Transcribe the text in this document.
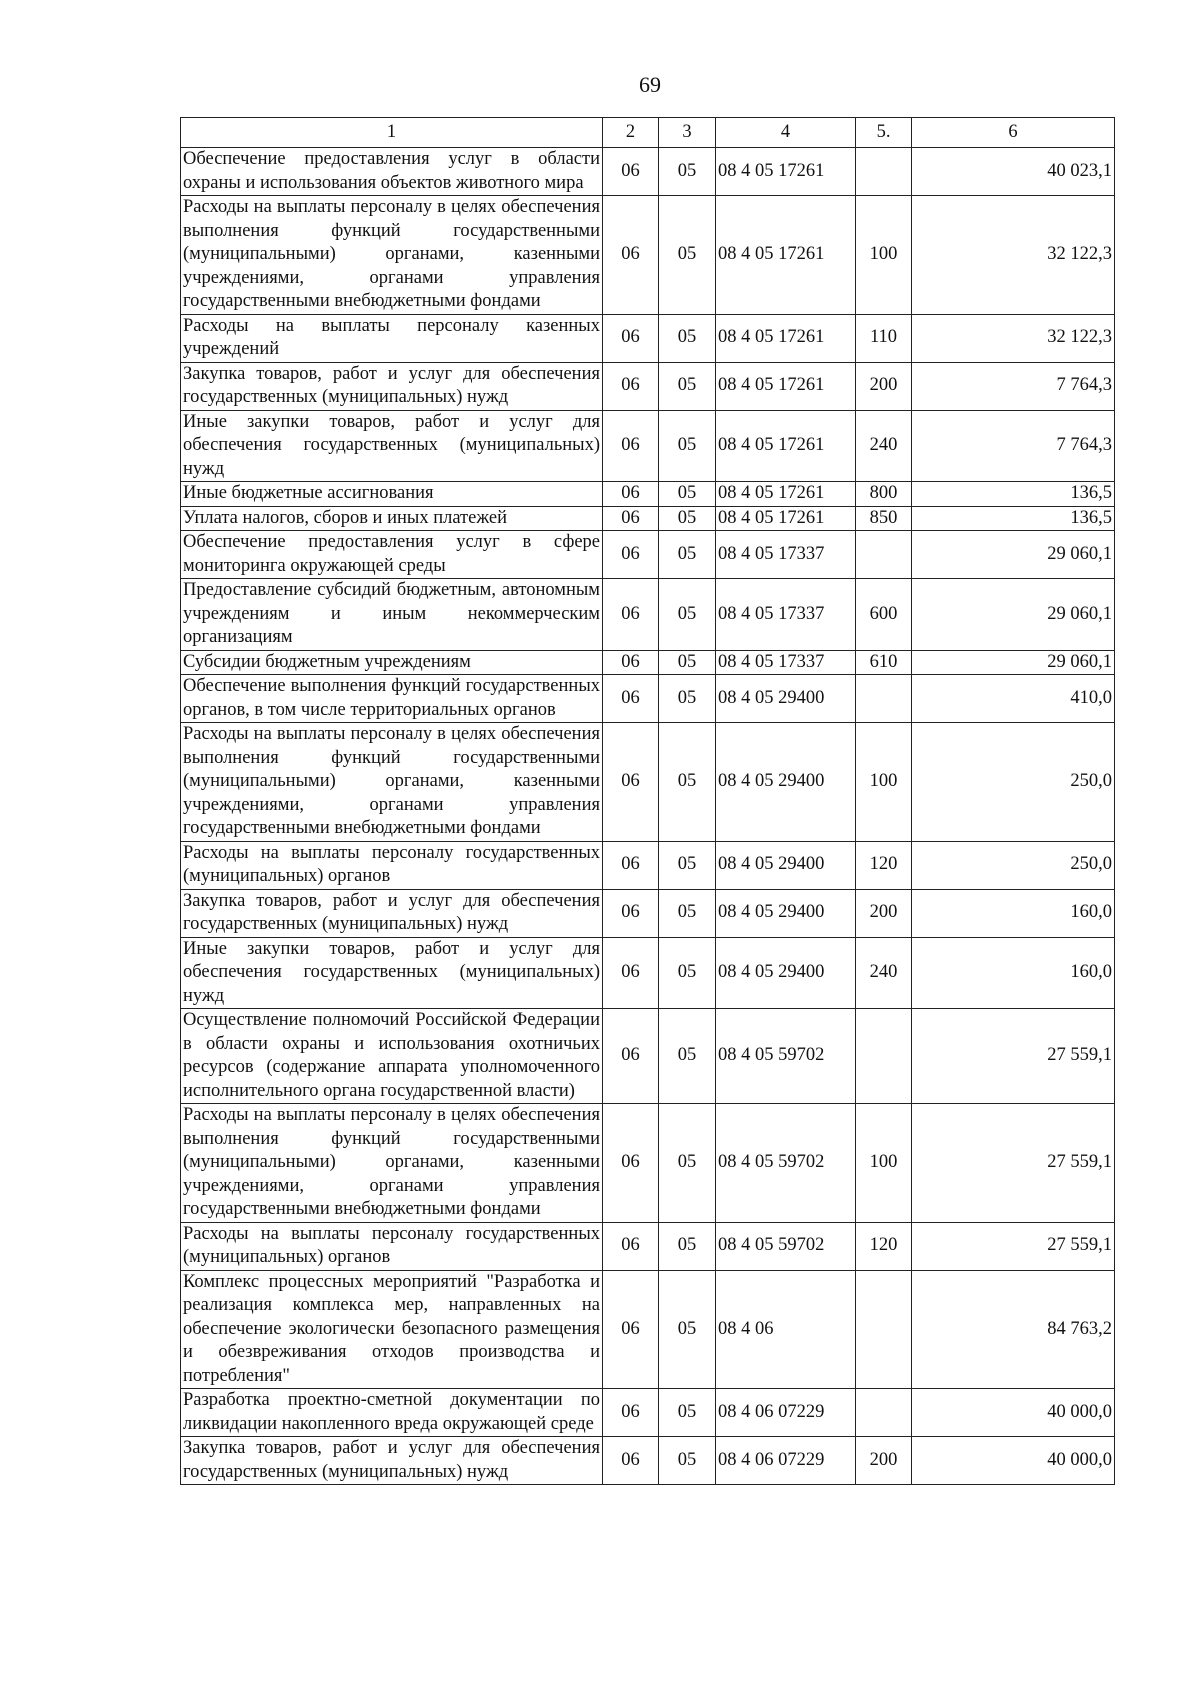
69
1	2	3	4	5.	6
Обеспечение предоставления услуг в области охраны и использования объектов животного мира	06	05	08 4 05 17261		40 023,1
Расходы на выплаты персоналу в целях обеспечения выполнения функций государственными (муниципальными) органами, казенными учреждениями, органами управления государственными внебюджетными фондами	06	05	08 4 05 17261	100	32 122,3
Расходы на выплаты персоналу казенных учреждений	06	05	08 4 05 17261	110	32 122,3
Закупка товаров, работ и услуг для обеспечения государственных (муниципальных) нужд	06	05	08 4 05 17261	200	7 764,3
Иные закупки товаров, работ и услуг для обеспечения государственных (муниципальных) нужд	06	05	08 4 05 17261	240	7 764,3
Иные бюджетные ассигнования	06	05	08 4 05 17261	800	136,5
Уплата налогов, сборов и иных платежей	06	05	08 4 05 17261	850	136,5
Обеспечение предоставления услуг в сфере мониторинга окружающей среды	06	05	08 4 05 17337		29 060,1
Предоставление субсидий бюджетным, автономным учреждениям и иным некоммерческим организациям	06	05	08 4 05 17337	600	29 060,1
Субсидии бюджетным учреждениям	06	05	08 4 05 17337	610	29 060,1
Обеспечение выполнения функций государственных органов, в том числе территориальных органов	06	05	08 4 05 29400		410,0
Расходы на выплаты персоналу в целях обеспечения выполнения функций государственными (муниципальными) органами, казенными учреждениями, органами управления государственными внебюджетными фондами	06	05	08 4 05 29400	100	250,0
Расходы на выплаты персоналу государственных (муниципальных) органов	06	05	08 4 05 29400	120	250,0
Закупка товаров, работ и услуг для обеспечения государственных (муниципальных) нужд	06	05	08 4 05 29400	200	160,0
Иные закупки товаров, работ и услуг для обеспечения государственных (муниципальных) нужд	06	05	08 4 05 29400	240	160,0
Осуществление полномочий Российской Федерации в области охраны и использования охотничьих ресурсов (содержание аппарата уполномоченного исполнительного органа государственной власти)	06	05	08 4 05 59702		27 559,1
Расходы на выплаты персоналу в целях обеспечения выполнения функций государственными (муниципальными) органами, казенными учреждениями, органами управления государственными внебюджетными фондами	06	05	08 4 05 59702	100	27 559,1
Расходы на выплаты персоналу государственных (муниципальных) органов	06	05	08 4 05 59702	120	27 559,1
Комплекс процессных мероприятий "Разработка и реализация комплекса мер, направленных на обеспечение экологически безопасного размещения и обезвреживания отходов производства и потребления"	06	05	08 4 06		84 763,2
Разработка проектно-сметной документации по ликвидации накопленного вреда окружающей среде	06	05	08 4 06 07229		40 000,0
Закупка товаров, работ и услуг для обеспечения государственных (муниципальных) нужд	06	05	08 4 06 07229	200	40 000,0
